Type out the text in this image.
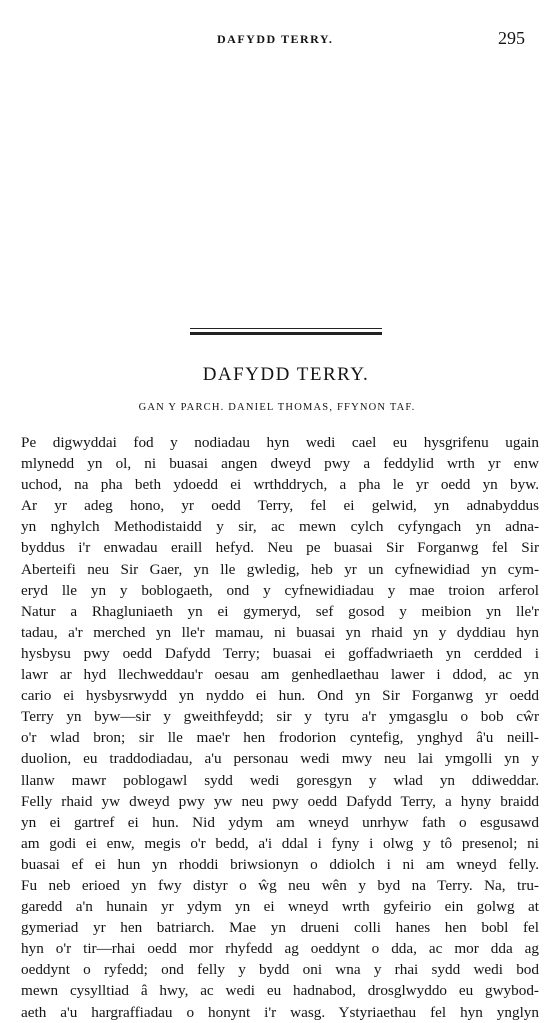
DAFYDD TERRY.	295
DAFYDD TERRY.
GAN Y PARCH. DANIEL THOMAS, FFYNON TAF.
Pe digwyddai fod y nodiadau hyn wedi cael eu hysgrifenu ugain
mlynedd yn ol, ni buasai angen dweyd pwy a feddylid wrth yr enw
uchod, na pha beth ydoedd ei wrthddrych, a pha le yr oedd yn byw.
Ar yr adeg hono, yr oedd Terry, fel ei gelwid, yn adnabyddus
yn nghylch Methodistaidd y sir, ac mewn cylch cyfyngach yn adna-
byddus i'r enwadau eraill hefyd. Neu pe buasai Sir Forganwg fel Sir
Aberteifi neu Sir Gaer, yn lle gwledig, heb yr un cyfnewidiad yn cym-
eryd lle yn y boblogaeth, ond y cyfnewidiadau y mae troion arferol
Natur a Rhagluniaeth yn ei gymeryd, sef gosod y meibion yn lle'r
tadau, a'r merched yn lle'r mamau, ni buasai yn rhaid yn y dyddiau hyn
hysbysu pwy oedd Dafydd Terry; buasai ei goffadwriaeth yn cerdded i
lawr ar hyd llechweddau'r oesau am genhedlaethau lawer i ddod, ac yn
cario ei hysbysrwydd yn nyddo ei hun. Ond yn Sir Forganwg yr oedd
Terry yn byw—sir y gweithfeydd; sir y tyru a'r ymgasglu o bob cŵr
o'r wlad bron; sir lle mae'r hen frodorion cyntefig, ynghyd â'u neill-
duolion, eu traddodiadau, a'u personau wedi mwy neu lai ymgolli yn y
llanw mawr poblogawl sydd wedi goresgyn y wlad yn ddiweddar.
Felly rhaid yw dweyd pwy yw neu pwy oedd Dafydd Terry, a hyny braidd
yn ei gartref ei hun. Nid ydym am wneyd unrhyw fath o esgusawd
am godi ei enw, megis o'r bedd, a'i ddal i fyny i olwg y tô presenol; ni
buasai ef ei hun yn rhoddi briwsionyn o ddiolch i ni am wneyd felly.
Fu neb erioed yn fwy distyr o ŵg neu wên y byd na Terry. Na, tru-
garedd a'n hunain yr ydym yn ei wneyd wrth gyfeirio ein golwg at
gymeriad yr hen batriarch. Mae yn drueni colli hanes hen bobl fel
hyn o'r tir—rhai oedd mor rhyfedd ag oeddynt o dda, ac mor dda ag
oeddynt o ryfedd; ond felly y bydd oni wna y rhai sydd wedi bod
mewn cysylltiad â hwy, ac wedi eu hadnabod, drosglwyddo eu gwybod-
aeth a'u hargraffiadau o honynt i'r wasg. Ystyriaethau fel hyn ynglyn
